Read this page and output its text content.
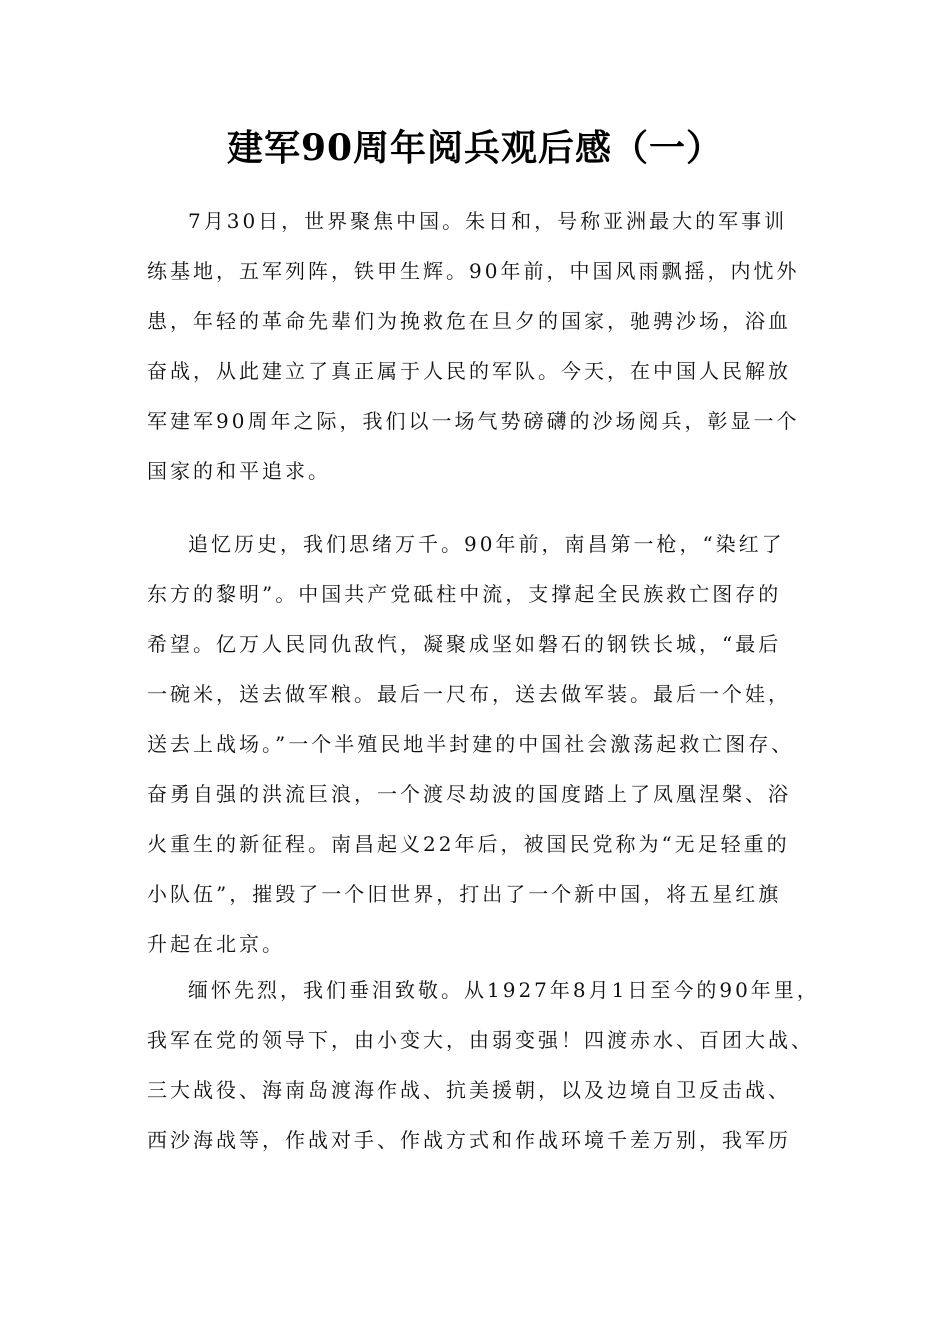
建军90周年阅兵观后感（一）
7月30日，世界聚焦中国。朱日和，号称亚洲最大的军事训
练基地，五军列阵，铁甲生辉。90年前，中国风雨飘摇，内忧外
患，年轻的革命先辈们为挽救危在旦夕的国家，驰骋沙场，浴血
奋战，从此建立了真正属于人民的军队。今天，在中国人民解放
军建军90周年之际，我们以一场气势磅礴的沙场阅兵，彰显一个
国家的和平追求。
追忆历史，我们思绪万千。90年前，南昌第一枪，“染红了
东方的黎明”。中国共产党砥柱中流，支撑起全民族救亡图存的
希望。亿万人民同仇敌忾，凝聚成坚如磐石的钢铁长城，“最后
一碗米，送去做军粮。最后一尺布，送去做军装。最后一个娃，
送去上战场。”一个半殖民地半封建的中国社会激荡起救亡图存、
奋勇自强的洪流巨浪，一个渡尽劫波的国度踏上了凤凰涅槃、浴
火重生的新征程。南昌起义22年后，被国民党称为“无足轻重的
小队伍”，摧毁了一个旧世界，打出了一个新中国，将五星红旗
升起在北京。
缅怀先烈，我们垂泪致敬。从1927年8月1日至今的90年里，
我军在党的领导下，由小变大，由弱变强！四渡赤水、百团大战、
三大战役、海南岛渡海作战、抗美援朝，以及边境自卫反击战、
西沙海战等，作战对手、作战方式和作战环境千差万别，我军历
